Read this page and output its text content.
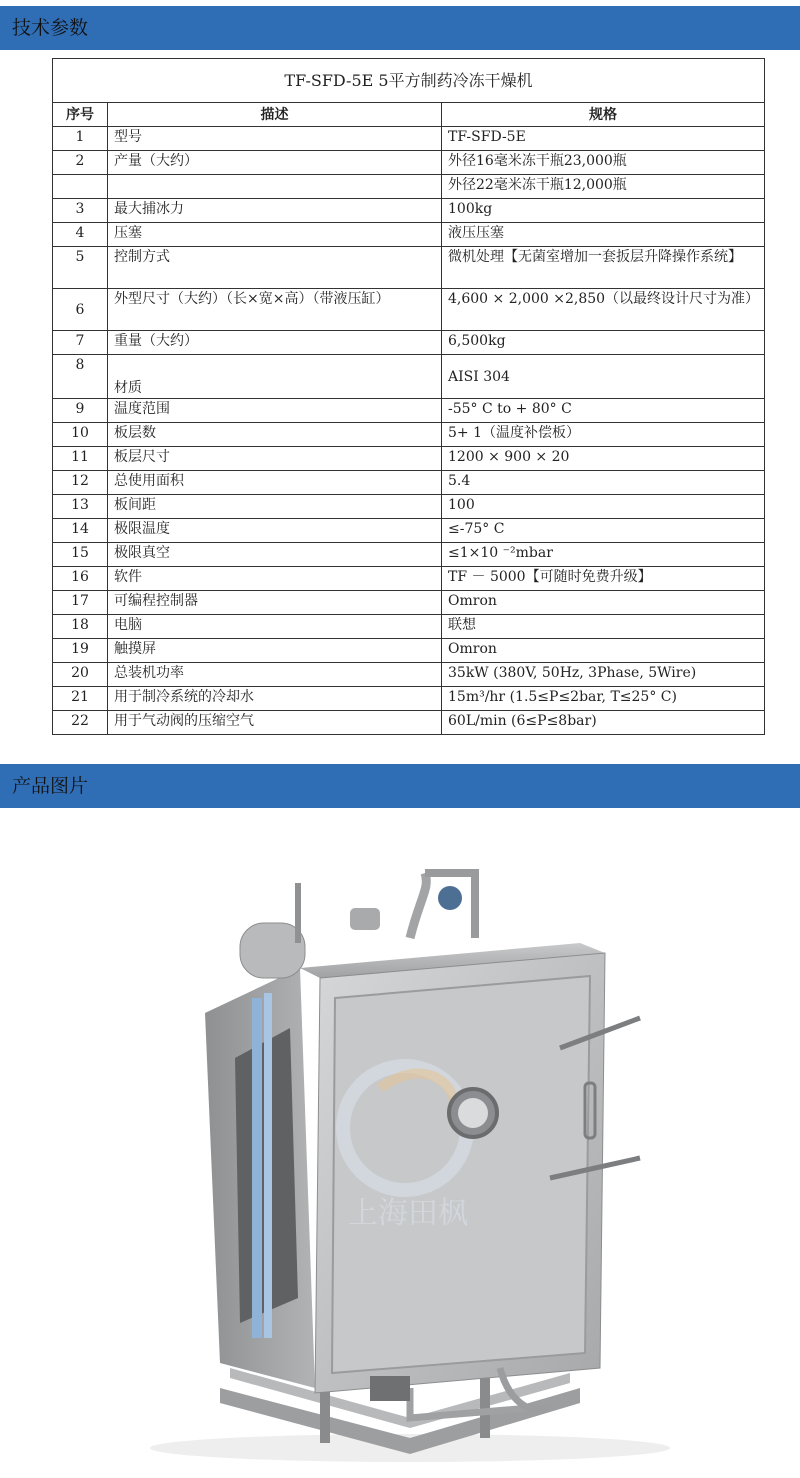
技术参数
TF-SFD-5E 5平方制药冷冻干燥机		
序号	描述	规格
1	型号	TF-SFD-5E
2	产量（大约）	外径16毫米冻干瓶23,000瓶
		外径22毫米冻干瓶12,000瓶
3	最大捕冰力	100kg
4	压塞	液压压塞
5	控制方式	微机处理【无菌室增加一套扳层升降操作系统】
6	外型尺寸（大约）（长×宽×高）（带液压缸）	4,600 × 2,000 ×2,850（以最终设计尺寸为准）
7	重量（大约）	6,500kg
8	材质	AISI 304
9	温度范围	-55° C to + 80° C
10	板层数	5+ 1（温度补偿板）
11	板层尺寸	1200 × 900 × 20
12	总使用面积	5.4
13	板间距	100
14	极限温度	≤-75° C
15	极限真空	≤1×10 ⁻²mbar
16	软件	TF － 5000【可随时免费升级】
17	可编程控制器	Omron
18	电脑	联想
19	触摸屏	Omron
20	总装机功率	35kW (380V, 50Hz, 3Phase, 5Wire)
21	用于制冷系统的冷却水	15m³/hr (1.5≤P≤2bar, T≤25° C)
22	用于气动阀的压缩空气	60L/min (6≤P≤8bar)
产品图片
上海田枫
